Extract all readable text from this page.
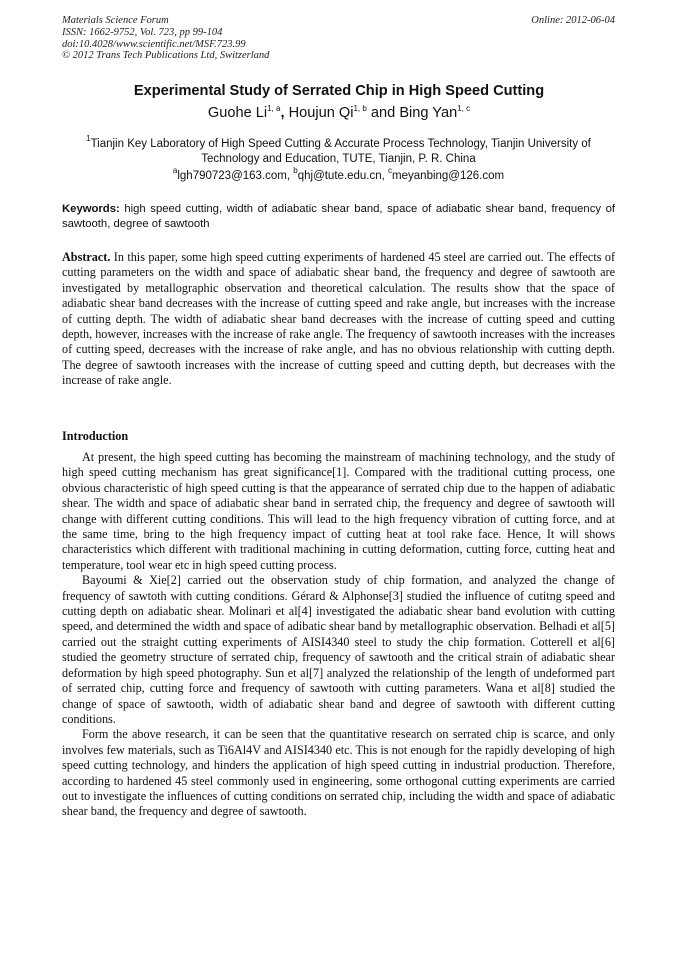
Materials Science Forum
ISSN: 1662-9752, Vol. 723, pp 99-104
doi:10.4028/www.scientific.net/MSF.723.99
© 2012 Trans Tech Publications Ltd, Switzerland
Online: 2012-06-04
Experimental Study of Serrated Chip in High Speed Cutting
Guohe Li$^{1, a}$, Houjun Qi$^{1, b}$ and Bing Yan$^{1, c}$
$^1$Tianjin Key Laboratory of High Speed Cutting & Accurate Process Technology, Tianjin University of Technology and Education, TUTE, Tianjin, P. R. China
$^a$lgh790723@163.com, $^b$qhj@tute.edu.cn, $^c$meyanbing@126.com
Keywords: high speed cutting, width of adiabatic shear band, space of adiabatic shear band, frequency of sawtooth, degree of sawtooth
Abstract. In this paper, some high speed cutting experiments of hardened 45 steel are carried out. The effects of cutting parameters on the width and space of adiabatic shear band, the frequency and degree of sawtooth are investigated by metallographic observation and theoretical calculation. The results show that the space of adiabatic shear band decreases with the increase of cutting speed and rake angle, but increases with the increase of cutting depth. The width of adiabatic shear band decreases with the increase of cutting speed and cutting depth, however, increases with the increase of rake angle. The frequency of sawtooth increases with the increases of cutting speed, decreases with the increase of rake angle, and has no obvious relationship with cutting depth. The degree of sawtooth increases with the increase of cutting speed and cutting depth, but decreases with the increase of rake angle.
Introduction

At present, the high speed cutting has becoming the mainstream of machining technology, and the study of high speed cutting mechanism has great significance[1]. Compared with the traditional cutting process, one obvious characteristic of high speed cutting is that the appearance of serrated chip due to the happen of adiabatic shear. The width and space of adiabatic shear band in serrated chip, the frequency and degree of sawtooth will change with different cutting conditions. This will lead to the high frequency vibration of cutting force, and at the same time, bring to the high frequency impact of cutting heat at tool rake face. Hence, It will shows characteristics which different with traditional machining in cutting deformation, cutting force, cutting heat and temperature, tool wear etc in high speed cutting process.

Bayoumi & Xie[2] carried out the observation study of chip formation, and analyzed the change of frequency of sawtoth with cutting conditions. Gérard & Alphonse[3] studied the influence of cutitng speed and cutting depth on adiabatic shear. Molinari et al[4] investigated the adiabatic shear band evolution with cutting speed, and determined the width and space of adibatic shear band by metallographic observation. Belhadi et al[5] carried out the straight cutting experiments of AISI4340 steel to study the chip formation. Cotterell et al[6] studied the geometry structure of serrated chip, frequency of sawtooth and the critical strain of adiabatic shear deformation by high speed photography. Sun et al[7] analyzed the relationship of the length of undeformed part of serrated chip, cutting force and frequency of sawtooth with cutting parameters. Wana et al[8] studied the change of space of sawtooth, width of adiabatic shear band and degree of sawtooth with different cutting conditions.

Form the above research, it can be seen that the quantitative research on serrated chip is scarce, and only involves few materials, such as Ti6Al4V and AISI4340 etc. This is not enough for the rapidly developing of high speed cutting technology, and hinders the application of high speed cutting in industrial production. Therefore, according to hardened 45 steel commonly used in engineering, some orthogonal cutting experiments are carried out to investigate the influences of cutting conditions on serrated chip, including the width and space of adiabatic shear band, the frequency and degree of sawtooth.
